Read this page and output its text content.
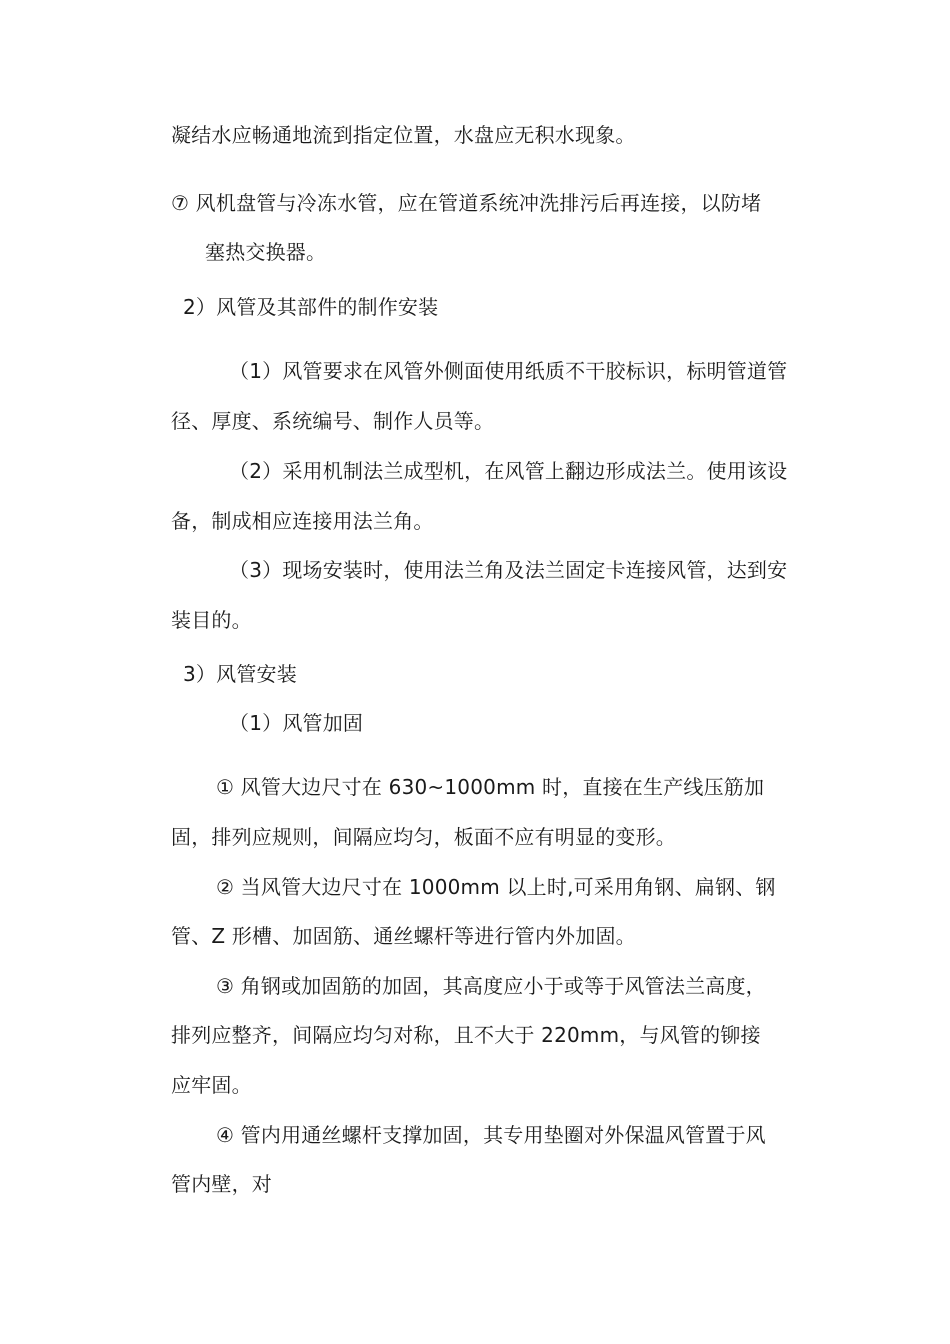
凝结水应畅通地流到指定位置，水盘应无积水现象。
⑦ 风机盘管与冷冻水管，应在管道系统冲洗排污后再连接，以防堵
塞热交换器。
2）风管及其部件的制作安装
（1）风管要求在风管外侧面使用纸质不干胶标识，标明管道管
径、厚度、系统编号、制作人员等。
（2）采用机制法兰成型机，在风管上翻边形成法兰。使用该设
备，制成相应连接用法兰角。
（3）现场安装时，使用法兰角及法兰固定卡连接风管，达到安
装目的。
3）风管安装
（1）风管加固
① 风管大边尺寸在 630~1000mm 时，直接在生产线压筋加
固，排列应规则，间隔应均匀，板面不应有明显的变形。
② 当风管大边尺寸在 1000mm 以上时,可采用角钢、扁钢、钢
管、Z 形槽、加固筋、通丝螺杆等进行管内外加固。
③ 角钢或加固筋的加固，其高度应小于或等于风管法兰高度，
排列应整齐，间隔应均匀对称，且不大于 220mm，与风管的铆接
应牢固。
④ 管内用通丝螺杆支撑加固，其专用垫圈对外保温风管置于风
管内壁，对
